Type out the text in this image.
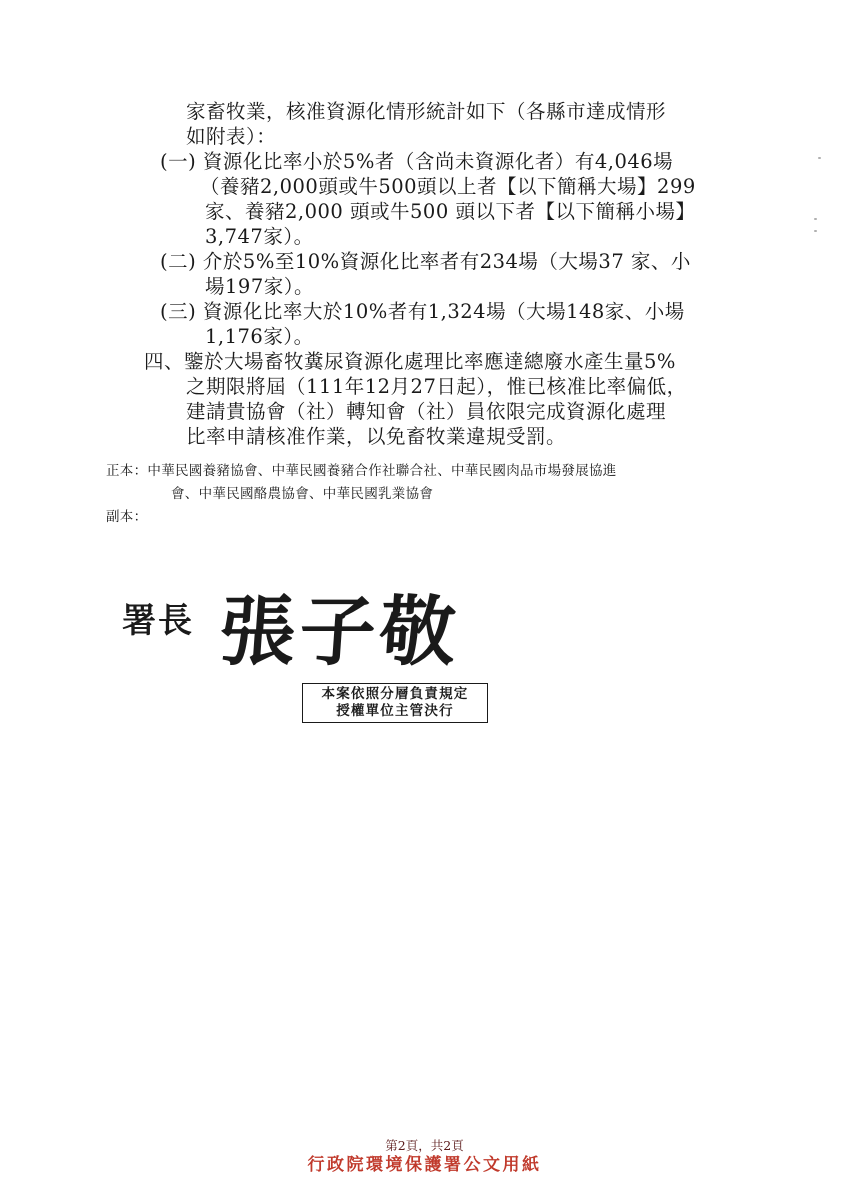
家畜牧業，核准資源化情形統計如下（各縣市達成情形
如附表）：
(一) 資源化比率小於5%者（含尚未資源化者）有4,046場
（養豬2,000頭或牛500頭以上者【以下簡稱大場】299
家、養豬2,000 頭或牛500 頭以下者【以下簡稱小場】
3,747家）。
(二) 介於5%至10%資源化比率者有234場（大場37 家、小
場197家）。
(三) 資源化比率大於10%者有1,324場（大場148家、小場
1,176家）。
四、鑒於大場畜牧糞尿資源化處理比率應達總廢水產生量5%
之期限將屆（111年12月27日起），惟已核准比率偏低，
建請貴協會（社）轉知會（社）員依限完成資源化處理
比率申請核准作業，以免畜牧業違規受罰。
正本：中華民國養豬協會、中華民國養豬合作社聯合社、中華民國肉品市場發展協進
會、中華民國酪農協會、中華民國乳業協會
副本：
署長 張子敬
本案依照分層負責規定
授權單位主管決行
第2頁，共2頁
行政院環境保護署公文用紙
